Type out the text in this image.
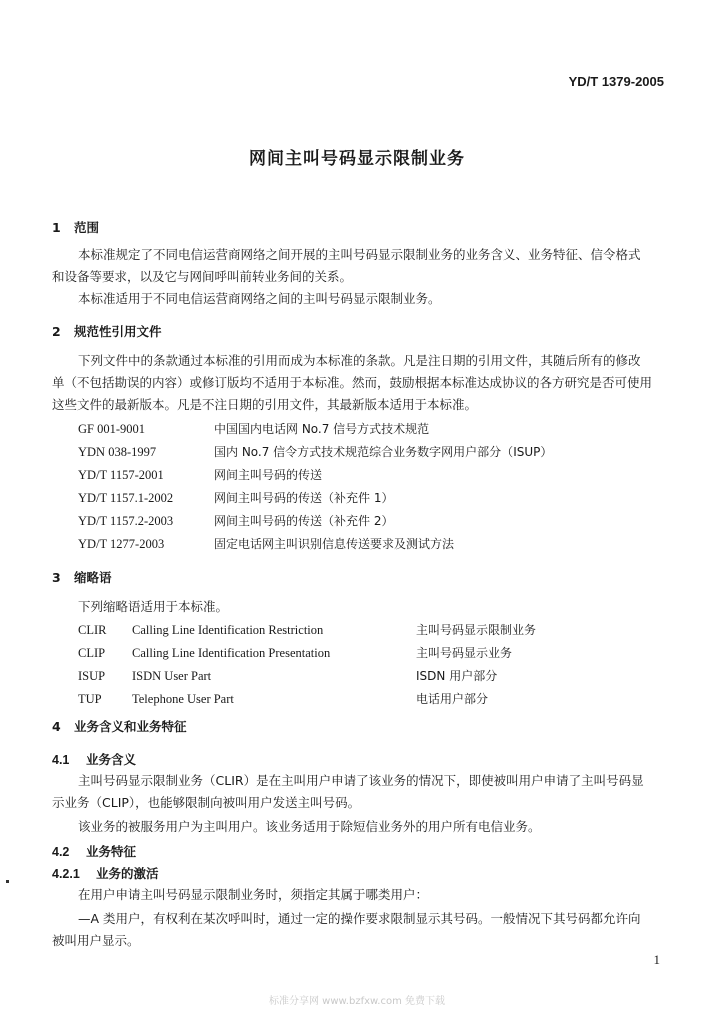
YD/T 1379-2005
网间主叫号码显示限制业务
1 范围
本标准规定了不同电信运营商网络之间开展的主叫号码显示限制业务的业务含义、业务特征、信令格式和设备等要求，以及它与网间呼叫前转业务间的关系。
本标准适用于不同电信运营商网络之间的主叫号码显示限制业务。
2 规范性引用文件
下列文件中的条款通过本标准的引用而成为本标准的条款。凡是注日期的引用文件，其随后所有的修改单（不包括勘误的内容）或修订版均不适用于本标准。然而，鼓励根据本标准达成协议的各方研究是否可使用这些文件的最新版本。凡是不注日期的引用文件，其最新版本适用于本标准。
GF 001-9001	中国国内电话网 No.7 信号方式技术规范
YDN 038-1997	国内 No.7 信令方式技术规范综合业务数字网用户部分（ISUP）
YD/T 1157-2001	网间主叫号码的传送
YD/T 1157.1-2002	网间主叫号码的传送（补充件 1）
YD/T 1157.2-2003	网间主叫号码的传送（补充件 2）
YD/T 1277-2003	固定电话网主叫识别信息传送要求及测试方法
3 缩略语
下列缩略语适用于本标准。
CLIR Calling Line Identification Restriction	主叫号码显示限制业务
CLIP Calling Line Identification Presentation	主叫号码显示业务
ISUP ISDN User Part	ISDN 用户部分
TUP Telephone User Part	电话用户部分
4 业务含义和业务特征
4.1 业务含义
主叫号码显示限制业务（CLIR）是在主叫用户申请了该业务的情况下，即使被叫用户申请了主叫号码显示业务（CLIP），也能够限制向被叫用户发送主叫号码。
该业务的被服务用户为主叫用户。该业务适用于除短信业务外的用户所有电信业务。
4.2 业务特征
4.2.1 业务的激活
在用户申请主叫号码显示限制业务时，须指定其属于哪类用户：
—A 类用户，有权利在某次呼叫时，通过一定的操作要求限制显示其号码。一般情况下其号码都允许向被叫用户显示。
1
标准分享网 www.bzfxw.com 免费下载
